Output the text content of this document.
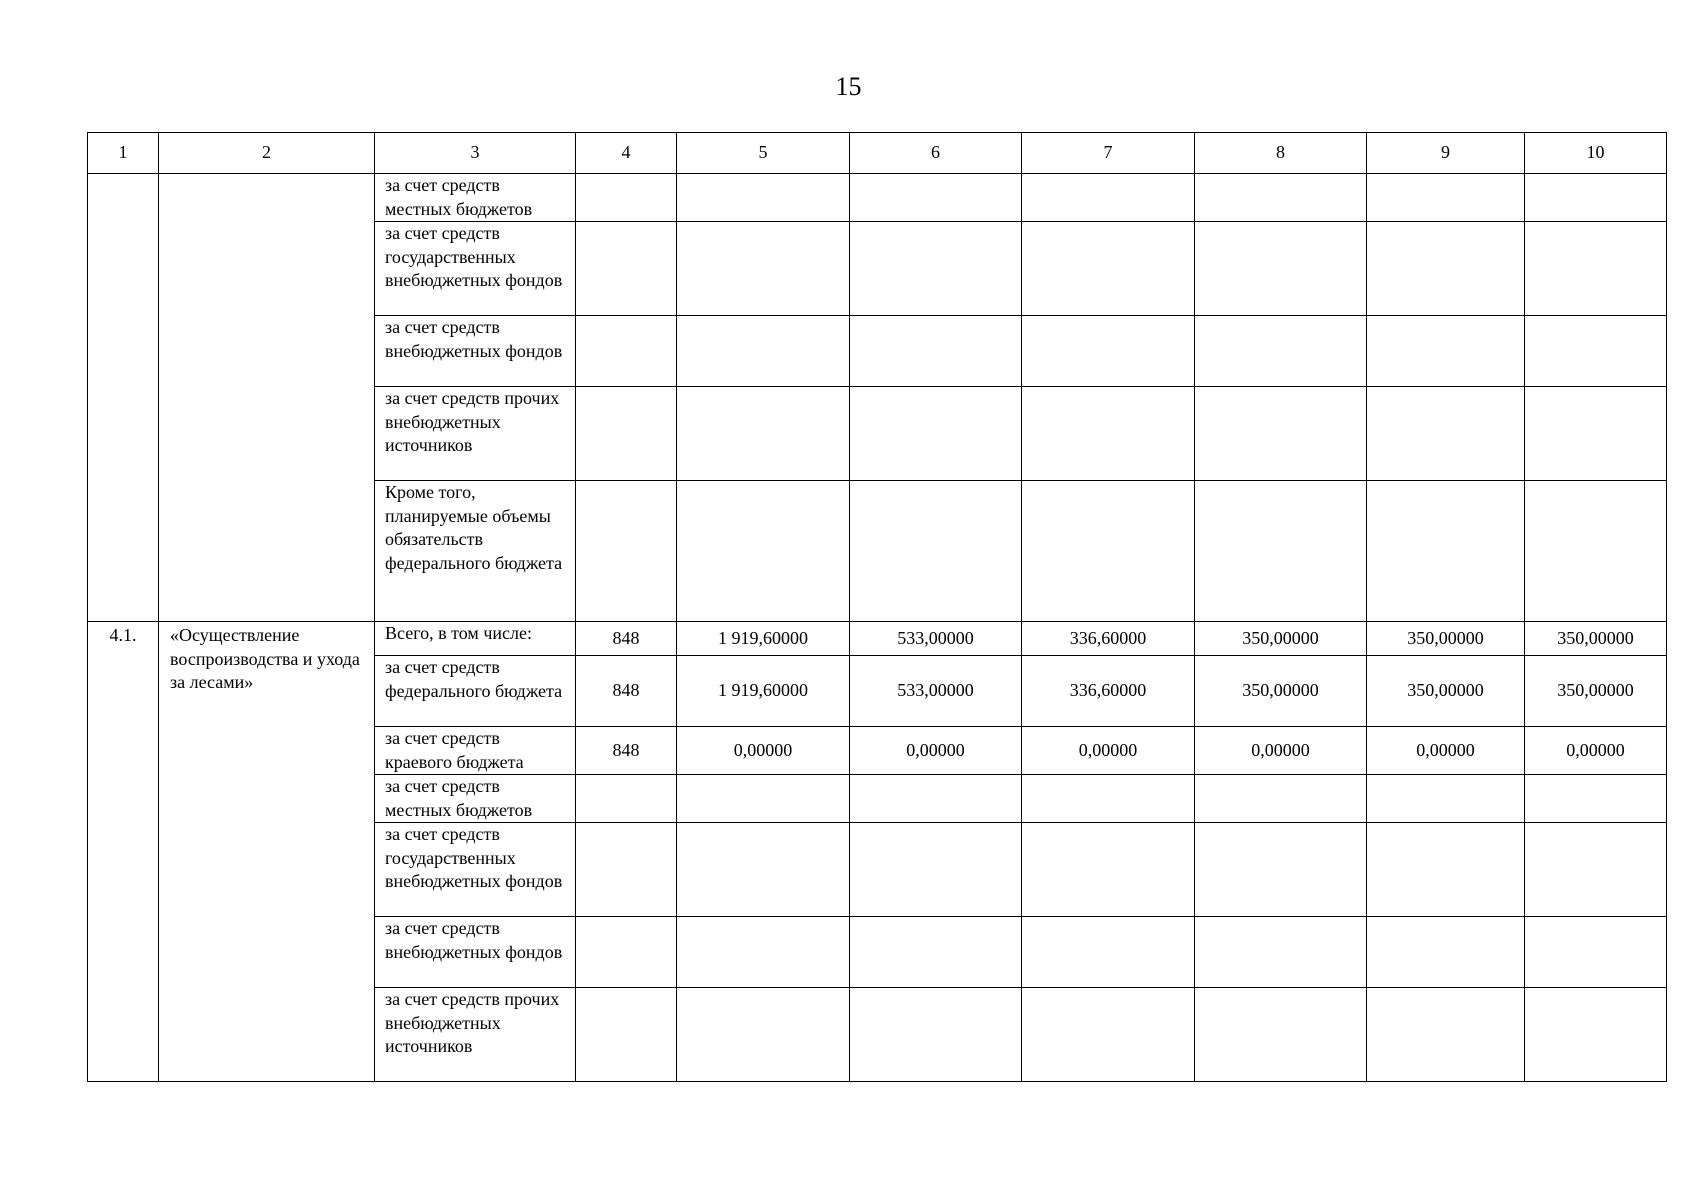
15
1	2	3	4	5	6	7	8	9	10
		за счет средств местных бюджетов							
		за счет средств государственных внебюджетных фондов							
		за счет средств внебюджетных фондов							
		за счет средств прочих внебюджетных источников							
		Кроме того, планируемые объемы обязательств федерального бюджета							
4.1.	«Осуществление воспроизводства и ухода за лесами»	Всего, в том числе:	848	1 919,60000	533,00000	336,60000	350,00000	350,00000	350,00000
		за счет средств федерального бюджета	848	1 919,60000	533,00000	336,60000	350,00000	350,00000	350,00000
		за счет средств краевого бюджета	848	0,00000	0,00000	0,00000	0,00000	0,00000	0,00000
		за счет средств местных бюджетов							
		за счет средств государственных внебюджетных фондов							
		за счет средств внебюджетных фондов							
		за счет средств прочих внебюджетных источников							
